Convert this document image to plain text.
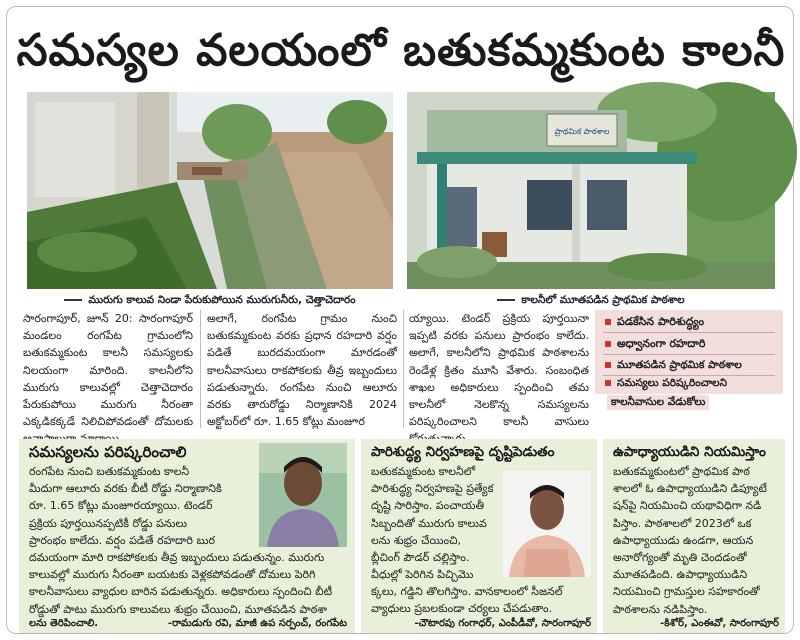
సమస్యల వలయంలో బతుకమ్మకుంట కాలనీ
మురుగు కాలువ నిండా పేరుకుపోయిన మురుగునీరు, చెత్తాచెదారం
ప్రాథమిక పాఠశాల
కాలనీలో మూతపడిన ప్రాథమిక పాఠశాల
సారంగాపూర్, జూన్ 20: సారంగాపూర్ మండలం రంగపేట గ్రామంలోని బతుకమ్మకుంట కాలనీ సమస్యలకు నిలయంగా మారింది. కాలనీలోని మురుగు కాలువల్లో చెత్తాచెదారం పేరుకుపోయి మురుగు నీరంతా ఎక్కడికక్కడే నిలిచిపోవడంతో దోమలకు
అలాగే, రంగపేట గ్రామం నుంచి బతుకమ్మకుంట వరకు ప్రధాన రహదారి వర్షం పడితే బురదమయంగా మారడంతో కాలనీవాసులు రాకపోకలకు తీవ్ర ఇబ్బందులు పడుతున్నారు. రంగపేట నుంచి ఆలూరు వరకు తారురోడ్డు నిర్మాణానికి 2024 అక్టోబర్‌లో రూ. 1.65 కోట్లు మంజూర
య్యాయి. టెండర్ ప్రక్రియ పూర్తయినా ఇప్పటి వరకు పనులు ప్రారంభం కాలేదు. అలాగే, కాలనీలోని ప్రాథమిక పాఠశాలను రెండేళ్ల క్రితం మూసి వేశారు. సంబంధిత శాఖల అధికారులు స్పందించి తమ కాలనీలో నెలకొన్న సమస్యలను పరిష్కరించాలని కాలనీ వాసులు
పడకేసిన పారిశుద్ధ్యం
అధ్వానంగా రహదారి
మూతపడిన ప్రాథమిక పాఠశాల
సమస్యలు పరిష్కరించాలని
కాలనీవాసుల వేడుకోలు
సమస్యలను పరిష్కరించాలి
రంగపేట నుంచి బతుకమ్మకుంట కాలనీ
మీదుగా ఆలూరు వరకు బీటీ రోడ్డు నిర్మాణానికి
రూ. 1.65 కోట్లు మంజూరయ్యాయి. టెండర్
ప్రక్రియ పూర్తయినప్పటికీ రోడ్డు పనులు
ప్రారంభం కాలేదు. వర్షం పడితే రహదారి బుర
దమయంగా మారి రాకపోకలకు తీవ్ర ఇబ్బందులు పడుతున్నం. మురుగు
కాలువల్లో మురుగు నీరంతా బయటకు వెళ్లకపోవడంతో దోమలు పెరిగి
కాలనీవాసులు వ్యాధుల బారిన పడుతున్నరు. అధికారులు స్పందించి బీటీ
రోడ్డుతో పాటు మురుగు కాలువలు శుభ్రం చేయించి, మూతపడిన పాఠశా
లను తెరిపించాలి.	-రామడుగు రవి, మాజీ ఉప సర్పంచ్, రంగపేట
పారిశుద్ధ్య నిర్వహణపై దృష్టిపెడుతం
బతుకమ్మకుంట కాలనీలో
పారిశుద్ధ్య నిర్వహణపై ప్రత్యేక
దృష్టి సారిస్తాం. పంచాయతీ
సిబ్బందితో మురుగు కాలువ
లను శుభ్రం చేయించి,
బ్లీచింగ్ పౌడర్ చల్లిస్తాం.
వీధుల్లో పెరిగిన పిచ్చిమొ
క్కలు, గడ్డిని తొలగిస్తాం. వానకాలంలో సీజనల్
వ్యాధులు ప్రబలకుండా చర్యలు చేపడుతాం.
-చౌటారపు గంగాధర్, ఎంపీడీవో, సారంగాపూర్
ఉపాధ్యాయుడిని నియమిస్తాం
బతుకమ్మకుంటలో ప్రాథమిక పాఠ
శాలలో ఓ ఉపాధ్యాయుడిని డిప్యూటే
షన్‌పై నియమించి యథావిధిగా నడి
పిస్తాం. పాఠశాలలో 2023లో ఒక
ఉపాధ్యాయుడు ఉండగా, ఆయన
అనారోగ్యంతో మృతి చెందడంతో
మూతపడింది. ఉపాధ్యాయుడిని
నియమించి గ్రామస్తుల సహకారంతో
పాఠశాలను నడిపిస్తాం.
-కిశోర్, ఎంఈవో, సారంగాపూర్
